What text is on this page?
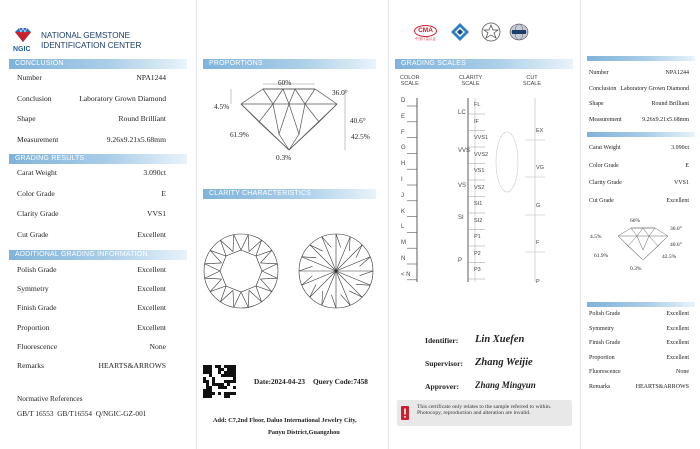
NGIC
NATIONAL GEMSTONE
IDENTIFICATION CENTER
CONCLUSION
Number	NPA1244
Conclusion	Laboratory Grown Diamond
Shape	Round Brilliant
Measurement	9.26x9.21x5.68mm
GRADING RESULTS
Carat Weight	3.090ct
Color Grade	E
Clarity Grade	VVS1
Cut Grade	Excellent
ADDITIONAL GRADING INFORMATION
Polish Grade	Excellent
Symmetry	Excellent
Finish Grade	Excellent
Proportion	Excellent
Fluorescence	None
Remarks	HEARTS&ARROWS
Normative References
GB/T 16553  GB/T16554  Q/NGIC-GZ-001
PROPORTIONS
60%
36.0°
4.5%
40.6°
61.9%	42.5%
0.3%
CLARITY CHARACTERISTICS
Date:2024-04-23 Query Code:7458
Add: C7,2nd Floor, Daluo International Jewelry City,
Panyu District,Guangzhou
CMA
中国计量认证
GRADING SCALES
COLOR
SCALE
CLARITY
SCALE
CUT
SCALE
D
E
F
G
H
I
J
K
L
M
N
< N
LC
VVS
VS
SI
P
FL
IF
VVS1
VVS2
VS1
VS2
SI1
SI2
P1
P2
P3
EX
VG
G
F
P
Identifier: Lin Xuefen
Supervisor: Zhang Weijie
Approver: Zhang Mingyun
This certificate only relates to the sample referred to within. Photocopy, reproduction and alteration are invalid.
Number	NPA1244
Conclusion Laboratory Grown Diamond
Shape	Round Brilliant
Measurement	9.26x9.21x5.68mm
Carat Weight	3.090ct
Color Grade	E
Clarity Grade	VVS1
Cut Grade	Excellent
60%
36.0°
4.5%
40.6°
61.9%	42.5%
0.3%
Polish Grade	Excellent
Symmetry	Excellent
Finish Grade	Excellent
Proportion	Excellent
Fluorescence	None
Remarks	HEARTS&ARROWS
